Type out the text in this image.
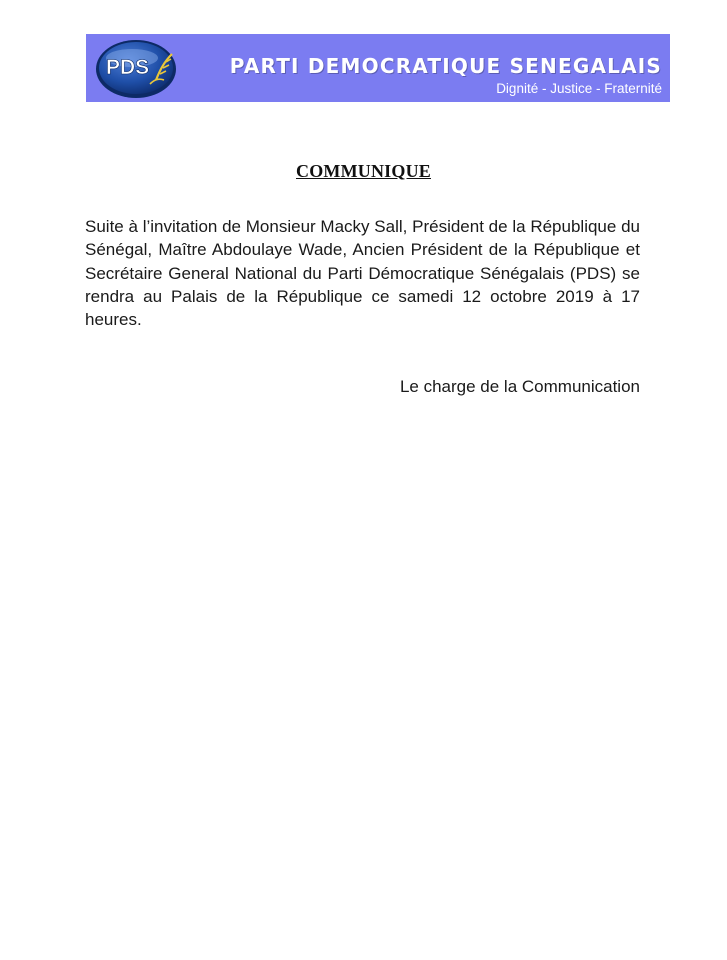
PDS	PARTI DEMOCRATIQUE SENEGALAIS
Dignité - Justice - Fraternité
COMMUNIQUE

Suite à l’invitation de Monsieur Macky Sall, Président de la République du Sénégal, Maître Abdoulaye Wade, Ancien Président de la République et Secrétaire General National du Parti Démocratique Sénégalais (PDS) se rendra au Palais de la République ce samedi 12 octobre 2019 à 17 heures.

Le charge de la Communication
